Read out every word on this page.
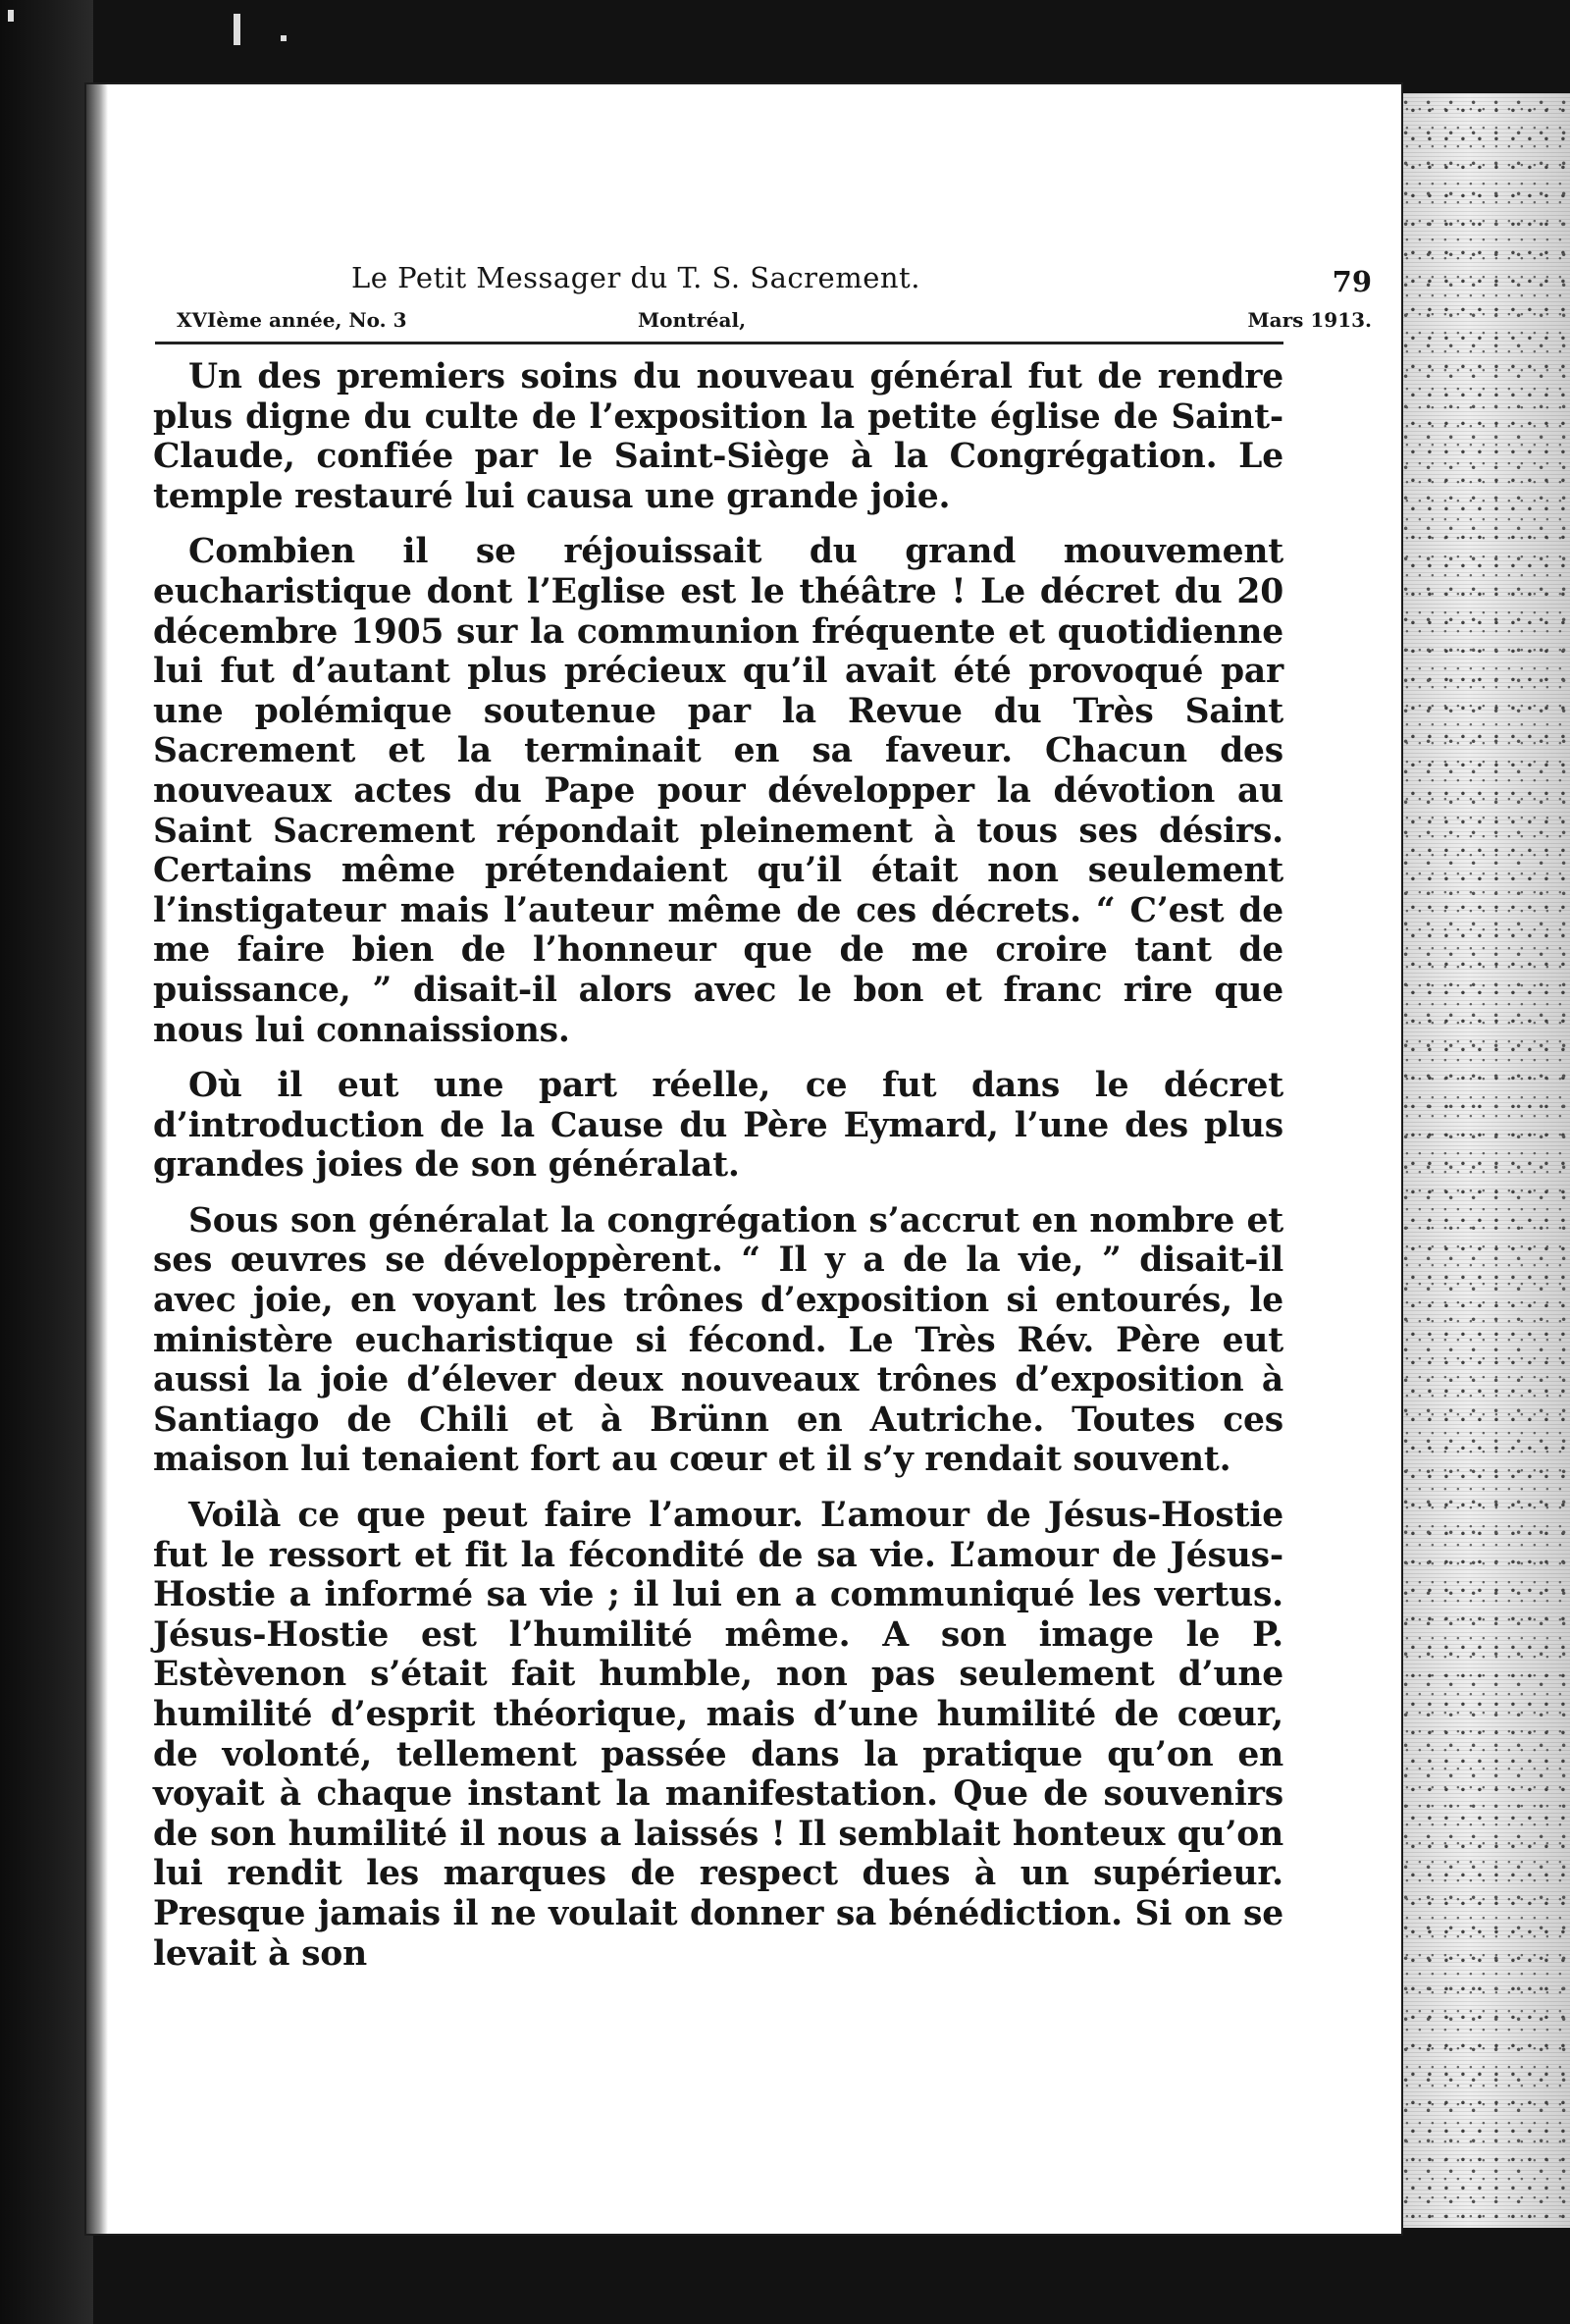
Le Petit Messager du T. S. Sacrement.	79
XVIème année, No. 3	Montréal,	Mars 1913.

Un des premiers soins du nouveau général fut de rendre plus digne du culte de l’exposition la petite église de Saint-Claude, confiée par le Saint-Siège à la Congrégation. Le temple restauré lui causa une grande joie.

Combien il se réjouissait du grand mouvement eucharistique dont l’Eglise est le théâtre ! Le décret du 20 décembre 1905 sur la communion fréquente et quotidienne lui fut d’autant plus précieux qu’il avait été provoqué par une polémique soutenue par la Revue du Très Saint Sacrement et la terminait en sa faveur. Chacun des nouveaux actes du Pape pour développer la dévotion au Saint Sacrement répondait pleinement à tous ses désirs. Certains même prétendaient qu’il était non seulement l’instigateur mais l’auteur même de ces décrets. “ C’est de me faire bien de l’honneur que de me croire tant de puissance, ” disait-il alors avec le bon et franc rire que nous lui connaissions.

Où il eut une part réelle, ce fut dans le décret d’introduction de la Cause du Père Eymard, l’une des plus grandes joies de son généralat.

Sous son généralat la congrégation s’accrut en nombre et ses œuvres se développèrent. “ Il y a de la vie, ” disait-il avec joie, en voyant les trônes d’exposition si entourés, le ministère eucharistique si fécond. Le Très Rév. Père eut aussi la joie d’élever deux nouveaux trônes d’exposition à Santiago de Chili et à Brünn en Autriche. Toutes ces maison lui tenaient fort au cœur et il s’y rendait souvent.

Voilà ce que peut faire l’amour. L’amour de Jésus-Hostie fut le ressort et fit la fécondité de sa vie. L’amour de Jésus-Hostie a informé sa vie ; il lui en a communiqué les vertus. Jésus-Hostie est l’humilité même. A son image le P. Estèvenon s’était fait humble, non pas seulement d’une humilité d’esprit théorique, mais d’une humilité de cœur, de volonté, tellement passée dans la pratique qu’on en voyait à chaque instant la manifestation. Que de souvenirs de son humilité il nous a laissés ! Il semblait honteux qu’on lui rendit les marques de respect dues à un supérieur. Presque jamais il ne voulait donner sa bénédiction. Si on se levait à son
